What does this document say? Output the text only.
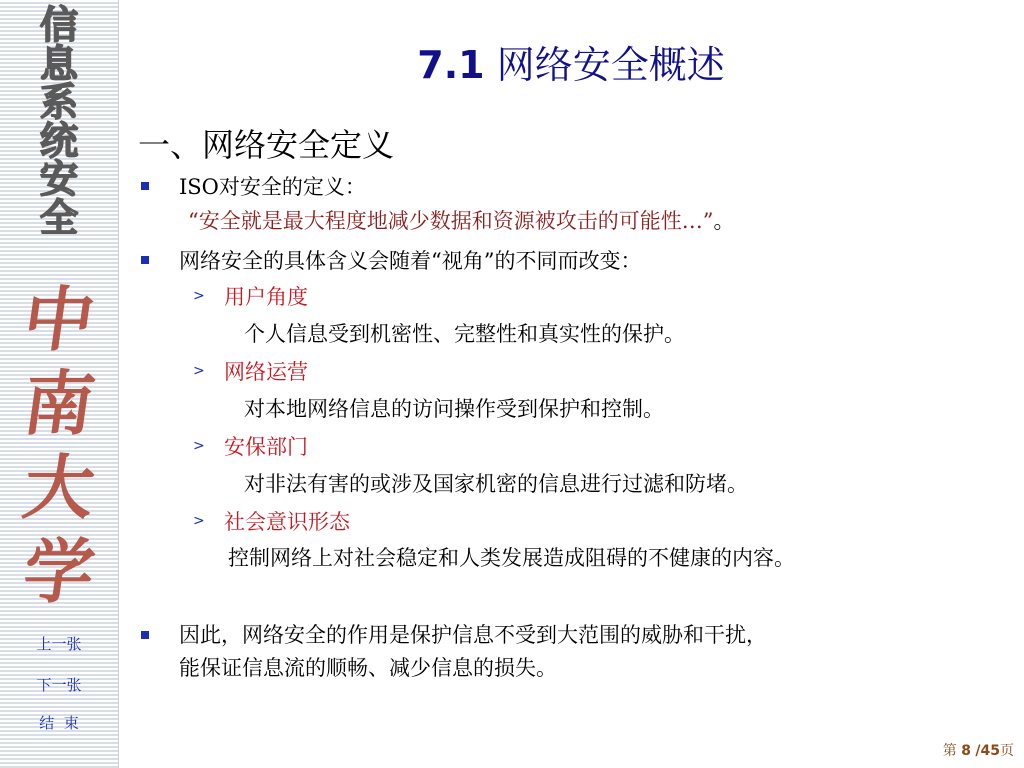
信
息
系
统
安
全
中
南
大
学
上一张
下一张
结  束
7.1 网络安全概述
一、网络安全定义
ISO对安全的定义：
“安全就是最大程度地减少数据和资源被攻击的可能性…”。
网络安全的具体含义会随着“视角”的不同而改变：
> 用户角度
个人信息受到机密性、完整性和真实性的保护。
> 网络运营
对本地网络信息的访问操作受到保护和控制。
> 安保部门
对非法有害的或涉及国家机密的信息进行过滤和防堵。
> 社会意识形态
控制网络上对社会稳定和人类发展造成阻碍的不健康的内容。
因此，网络安全的作用是保护信息不受到大范围的威胁和干扰，
能保证信息流的顺畅、减少信息的损失。
第 8 /45页
